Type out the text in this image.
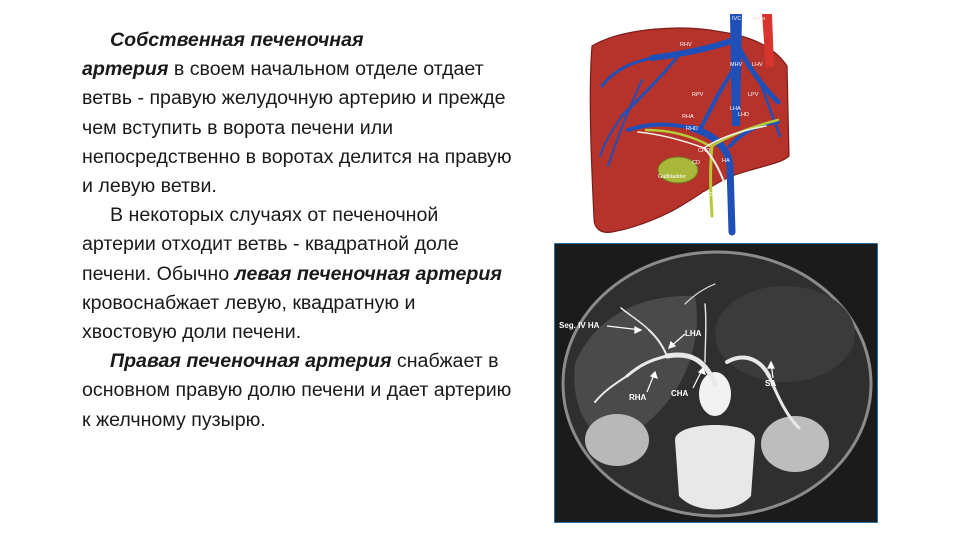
Собственная печеночная
артерия в своем начальном отделе отдает ветвь - правую желудочную артерию и прежде чем вступить в ворота печени или непосредственно в воротах делится на правую и левую ветви.

В некоторых случаях от печеночной артерии отходит ветвь - квадратной доле печени. Обычно левая печеночная артерия кровоснабжает левую, квадратную и хвостовую доли печени.

Правая печеночная артерия снабжает в основном правую долю печени и дает артерию к желчному пузырю.

IVC Aorta
RHV
MHV LHV
RPV	LPV
RHA
LHA
LHD
RHD
CHO
CD	HA
Gallbladder
PV
CBD
Seg. IV HA
LHA
RHA	CHA
SA
